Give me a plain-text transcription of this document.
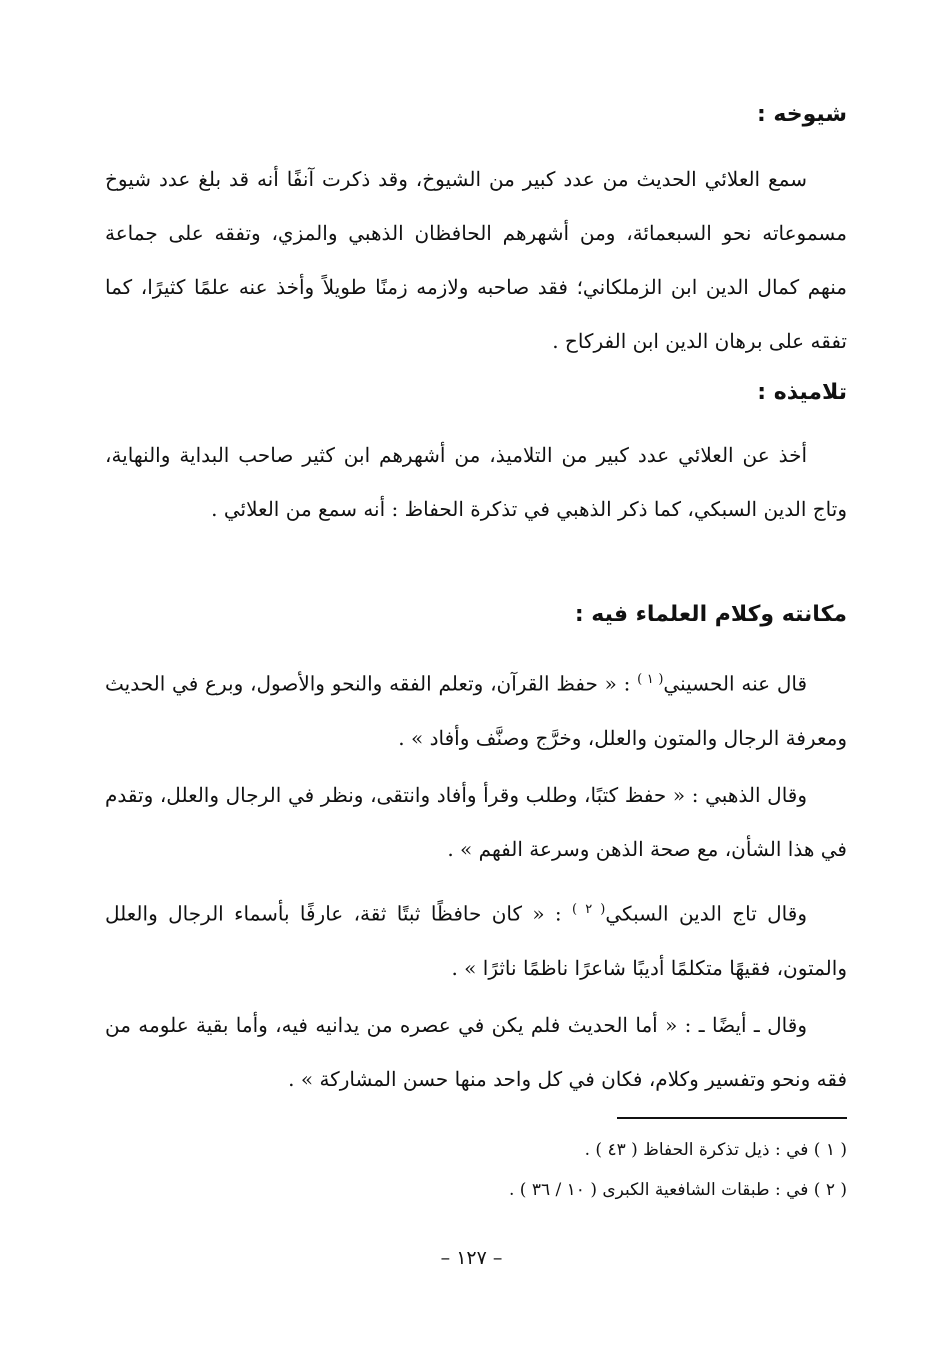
شيوخه :

سمع العلائي الحديث من عدد كبير من الشيوخ، وقد ذكرت آنفًا أنه قد بلغ عدد شيوخ مسموعاته نحو السبعمائة، ومن أشهرهم الحافظان الذهبي والمزي، وتفقه على جماعة منهم كمال الدين ابن الزملكاني؛ فقد صاحبه ولازمه زمنًا طويلاً وأخذ عنه علمًا كثيرًا، كما تفقه على برهان الدين ابن الفركاح .

تلاميذه :

أخذ عن العلائي عدد كبير من التلاميذ، من أشهرهم ابن كثير صاحب البداية والنهاية، وتاج الدين السبكي، كما ذكر الذهبي في تذكرة الحفاظ : أنه سمع من العلائي .

مكانته وكلام العلماء فيه :

قال عنه الحسيني$^{( ١ )}$ : « حفظ القرآن، وتعلم الفقه والنحو والأصول، وبرع في الحديث ومعرفة الرجال والمتون والعلل، وخرَّج وصنَّف وأفاد » .

وقال الذهبي : « حفظ كتبًا، وطلب وقرأ وأفاد وانتقى، ونظر في الرجال والعلل، وتقدم في هذا الشأن، مع صحة الذهن وسرعة الفهم » .

وقال تاج الدين السبكي$^{( ٢ )}$ : « كان حافظًا ثبتًا ثقة، عارفًا بأسماء الرجال والعلل والمتون، فقيهًا متكلمًا أديبًا شاعرًا ناظمًا ناثرًا » .

وقال ـ أيضًا ـ : « أما الحديث فلم يكن في عصره من يدانيه فيه، وأما بقية علومه من فقه ونحو وتفسير وكلام، فكان في كل واحد منها حسن المشاركة » .

( ١ ) في : ذيل تذكرة الحفاظ ( ٤٣ ) .

( ٢ ) في : طبقات الشافعية الكبرى ( ١٠ / ٣٦ ) .

– ١٢٧ –
